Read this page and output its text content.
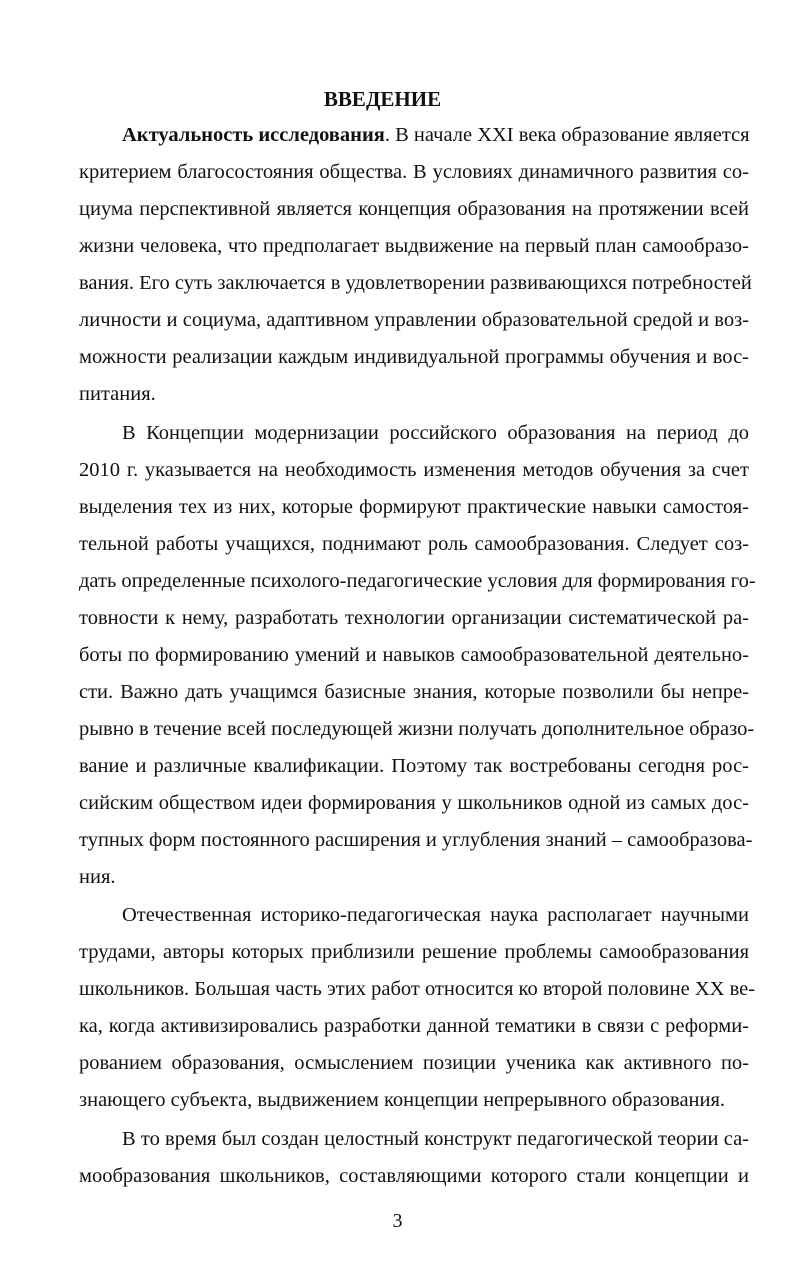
ВВЕДЕНИЕ
Актуальность исследования. В начале XXI века образование является
критерием благосостояния общества. В условиях динамичного развития со-
циума перспективной является концепция образования на протяжении всей
жизни человека, что предполагает выдвижение на первый план самообразо-
вания. Его суть заключается в удовлетворении развивающихся потребностей
личности и социума, адаптивном управлении образовательной средой и воз-
можности реализации каждым индивидуальной программы обучения и вос-
питания.
В Концепции модернизации российского образования на период до
2010 г. указывается на необходимость изменения методов обучения за счет
выделения тех из них, которые формируют практические навыки самостоя-
тельной работы учащихся, поднимают роль самообразования. Следует соз-
дать определенные психолого-педагогические условия для формирования го-
товности к нему, разработать технологии организации систематической ра-
боты по формированию умений и навыков самообразовательной деятельно-
сти. Важно дать учащимся базисные знания, которые позволили бы непре-
рывно в течение всей последующей жизни получать дополнительное образо-
вание и различные квалификации. Поэтому так востребованы сегодня рос-
сийским обществом идеи формирования у школьников одной из самых дос-
тупных форм постоянного расширения и углубления знаний – самообразова-
ния.
Отечественная историко-педагогическая наука располагает научными
трудами, авторы которых приблизили решение проблемы самообразования
школьников. Большая часть этих работ относится ко второй половине XX ве-
ка, когда активизировались разработки данной тематики в связи с реформи-
рованием образования, осмыслением позиции ученика как активного по-
знающего субъекта, выдвижением концепции непрерывного образования.
В то время был создан целостный конструкт педагогической теории са-
мообразования школьников, составляющими которого стали концепции и
3
